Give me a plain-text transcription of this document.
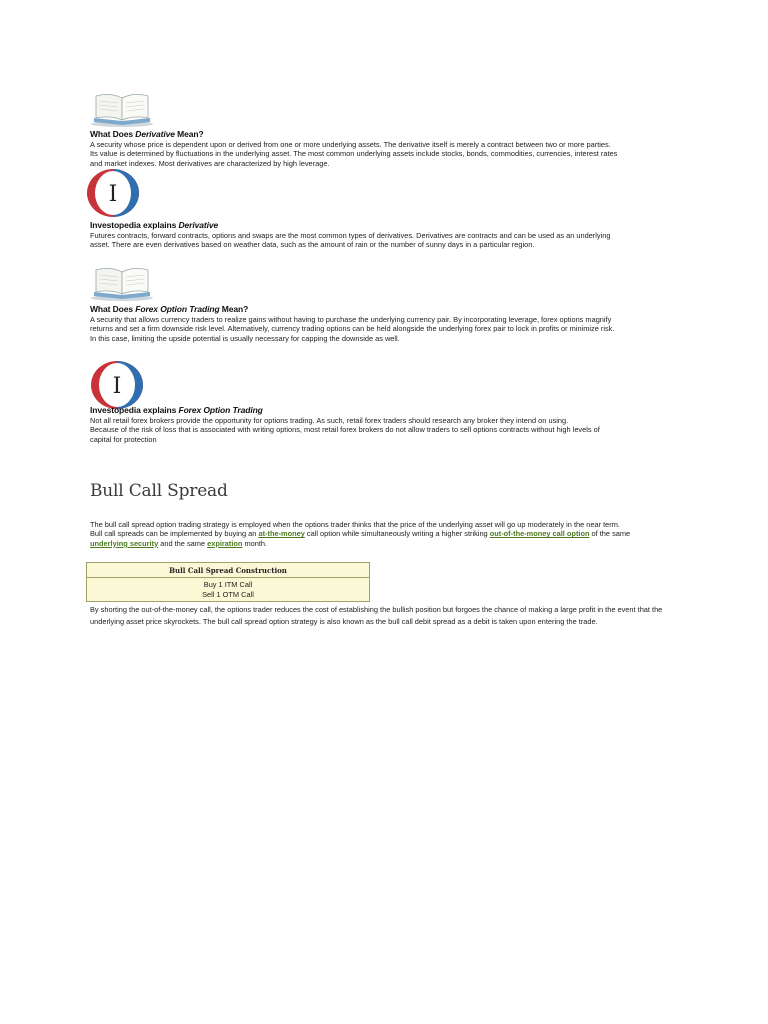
What Does Derivative Mean?
A security whose price is dependent upon or derived from one or more underlying assets. The derivative itself is merely a contract between two or more parties.
Its value is determined by fluctuations in the underlying asset. The most common underlying assets include stocks, bonds, commodities, currencies, interest rates
and market indexes. Most derivatives are characterized by high leverage.
I
Investopedia explains Derivative
Futures contracts, forward contracts, options and swaps are the most common types of derivatives. Derivatives are contracts and can be used as an underlying
asset. There are even derivatives based on weather data, such as the amount of rain or the number of sunny days in a particular region.
What Does Forex Option Trading Mean?
A security that allows currency traders to realize gains without having to purchase the underlying currency pair. By incorporating leverage, forex options magnify
returns and set a firm downside risk level. Alternatively, currency trading options can be held alongside the underlying forex pair to lock in profits or minimize risk.
In this case, limiting the upside potential is usually necessary for capping the downside as well.
I
Investopedia explains Forex Option Trading
Not all retail forex brokers provide the opportunity for options trading. As such, retail forex traders should research any broker they intend on using.
Because of the risk of loss that is associated with writing options, most retail forex brokers do not allow traders to sell options contracts without high levels of
capital for protection
Bull Call Spread
The bull call spread option trading strategy is employed when the options trader thinks that the price of the underlying asset will go up moderately in the near term.
Bull call spreads can be implemented by buying an at-the-money call option while simultaneously writing a higher striking out-of-the-money call option of the same
underlying security and the same expiration month.
Bull Call Spread Construction

Buy 1 ITM Call
Sell 1 OTM Call
By shorting the out-of-the-money call, the options trader reduces the cost of establishing the bullish position but forgoes the chance of making a large profit in the event that the
underlying asset price skyrockets. The bull call spread option strategy is also known as the bull call debit spread as a debit is taken upon entering the trade.
